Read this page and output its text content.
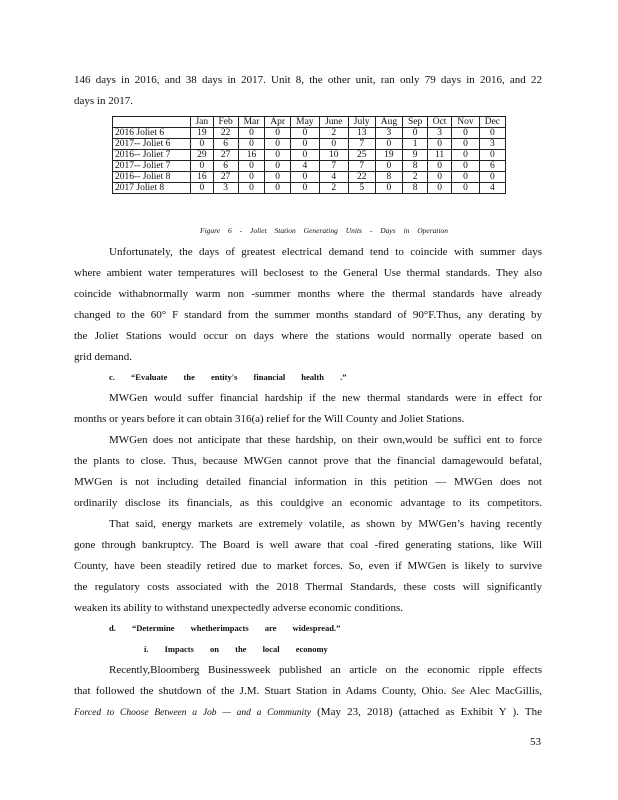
146 days in 2016, and 38 days in 2017. Unit 8, the other unit, ran only 79 days in 2016, and 22
days in 2017.
	Jan	Feb	Mar	Apr	May	June	July	Aug	Sep	Oct	Nov	Dec
2016 Joliet 6	19	22	0	0	0	2	13	3	0	3	0	0
2017-- Joliet 6	0	6	0	0	0	0	7	0	1	0	0	3
2016-- Joliet 7	29	27	16	0	0	10	25	19	9	11	0	0
2017-- Joliet 7	0	6	0	0	4	7	7	0	8	0	0	6
2016-- Joliet 8	16	27	0	0	0	4	22	8	2	0	0	0
2017 Joliet 8	0	3	0	0	0	2	5	0	8	0	0	4
Figure 6 - Joliet Station Generating Units - Days in Operation
Unfortunately, the days of greatest electrical demand tend to coincide with summer days
where ambient water temperatures will beclosest to the General Use thermal standards. They also
coincide withabnormally warm non -summer months where the thermal standards have already
changed to the 60° F standard from the summer months standard of 90°F.Thus, any derating by
the Joliet Stations would occur on days where the stations would normally operate based on
grid demand.
c. “Evaluate the entity's financial health .”
MWGen would suffer financial hardship if the new thermal standards were in effect for
months or years before it can obtain 316(a) relief for the Will County and Joliet Stations.
MWGen does not anticipate that these hardship, on their own,would be suffici ent to force
the plants to close. Thus, because MWGen cannot prove that the financial damagewould befatal,
MWGen is not including detailed financial information in this petition — MWGen does not
ordinarily disclose its financials, as this couldgive an economic advantage to its competitors.
That said, energy markets are extremely volatile, as shown by MWGen’s having recently
gone through bankruptcy. The Board is well aware that coal -fired generating stations, like Will
County, have been steadily retired due to market forces. So, even if MWGen is likely to survive
the regulatory costs associated with the 2018 Thermal Standards, these costs will significantly
weaken its ability to withstand unexpectedly adverse economic conditions.
d. “Determine whetherimpacts are widespread.”
i. Impacts on the local economy
Recently,Bloomberg Businessweek published an article on the economic ripple effects
that followed the shutdown of the J.M. Stuart Station in Adams County, Ohio. See Alec MacGillis,
Forced to Choose Between a Job — and a Community (May 23, 2018) (attached as Exhibit Y ). The
53
